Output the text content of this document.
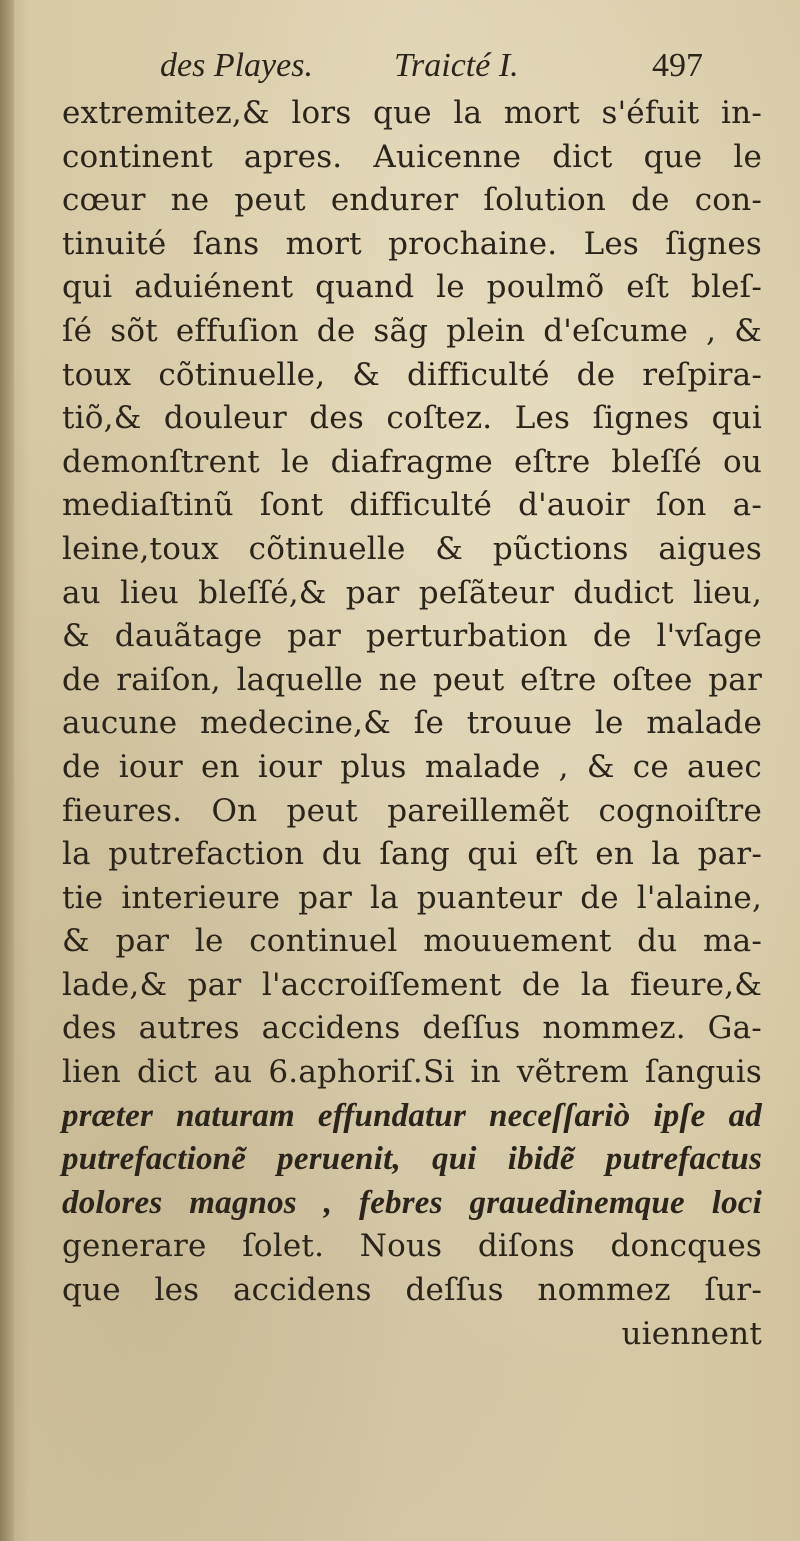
des Playes. Traicté I.	497
extremitez,& lors que la mort s'éfuit in-
continent apres. Auicenne dict que le
cœur ne peut endurer ſolution de con-
tinuité ſans mort prochaine. Les ſignes
qui aduiénent quand le poulmõ eſt bleſ-
ſé sõt effuſion de sãg plein d'eſcume , &
toux cõtinuelle, & difficulté de reſpira-
tiõ,& douleur des coſtez. Les ſignes qui
demonſtrent le diafragme eſtre bleſſé ou
mediaſtinũ ſont difficulté d'auoir ſon a-
leine,toux cõtinuelle & pũctions aigues
au lieu bleſſé,& par peſãteur dudict lieu,
& dauãtage par perturbation de l'vſage
de raiſon, laquelle ne peut eſtre oſtee par
aucune medecine,& ſe trouue le malade
de iour en iour plus malade , & ce auec
fieures. On peut pareillemẽt cognoiſtre
la putrefaction du ſang qui eſt en la par-
tie interieure par la puanteur de l'alaine,
& par le continuel mouuement du ma-
lade,& par l'accroiſſement de la fieure,&
des autres accidens deſſus nommez. Ga-
lien dict au 6.aphoriſ.Si in vẽtrem ſanguis
præter naturam effundatur neceſſariò ipſe ad
putrefactionẽ peruenit, qui ibidẽ putrefactus
dolores magnos , febres grauedinemque loci
generare ſolet. Nous diſons doncques
que les accidens deſſus nommez ſur-
uiennent
